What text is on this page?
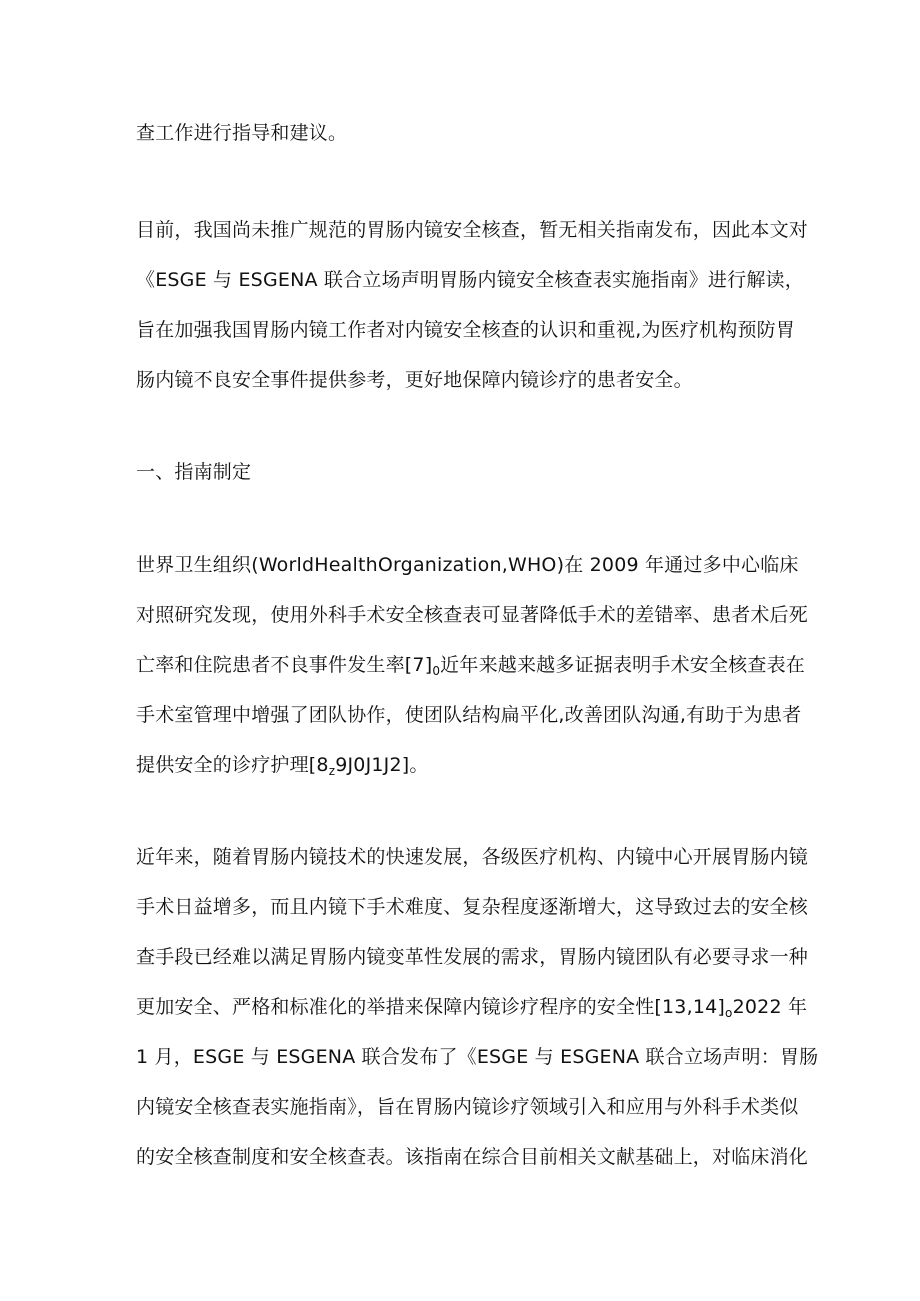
查工作进行指导和建议。
目前，我国尚未推广规范的胃肠内镜安全核查，暂无相关指南发布，因此本文对
《ESGE 与 ESGENA 联合立场声明胃肠内镜安全核查表实施指南》进行解读，
旨在加强我国胃肠内镜工作者对内镜安全核查的认识和重视,为医疗机构预防胃
肠内镜不良安全事件提供参考，更好地保障内镜诊疗的患者安全。
一、指南制定
世界卫生组织(WorldHealthOrganization,WHO)在 2009 年通过多中心临床
对照研究发现，使用外科手术安全核查表可显著降低手术的差错率、患者术后死
亡率和住院患者不良事件发生率$[7]_0$近年来越来越多证据表明手术安全核查表在
手术室管理中增强了团队协作，使团队结构扁平化,改善团队沟通,有助于为患者
提供安全的诊疗护理$[8_z9J0J1J2]$。
近年来，随着胃肠内镜技术的快速发展，各级医疗机构、内镜中心开展胃肠内镜
手术日益增多，而且内镜下手术难度、复杂程度逐渐增大，这导致过去的安全核
查手段已经难以满足胃肠内镜变革性发展的需求，胃肠内镜团队有必要寻求一种
更加安全、严格和标准化的举措来保障内镜诊疗程序的安全性$[13,14]_o2022$ 年
1 月，ESGE 与 ESGENA 联合发布了《ESGE 与 ESGENA 联合立场声明：胃肠
内镜安全核查表实施指南》，旨在胃肠内镜诊疗领域引入和应用与外科手术类似
的安全核查制度和安全核查表。该指南在综合目前相关文献基础上，对临床消化
